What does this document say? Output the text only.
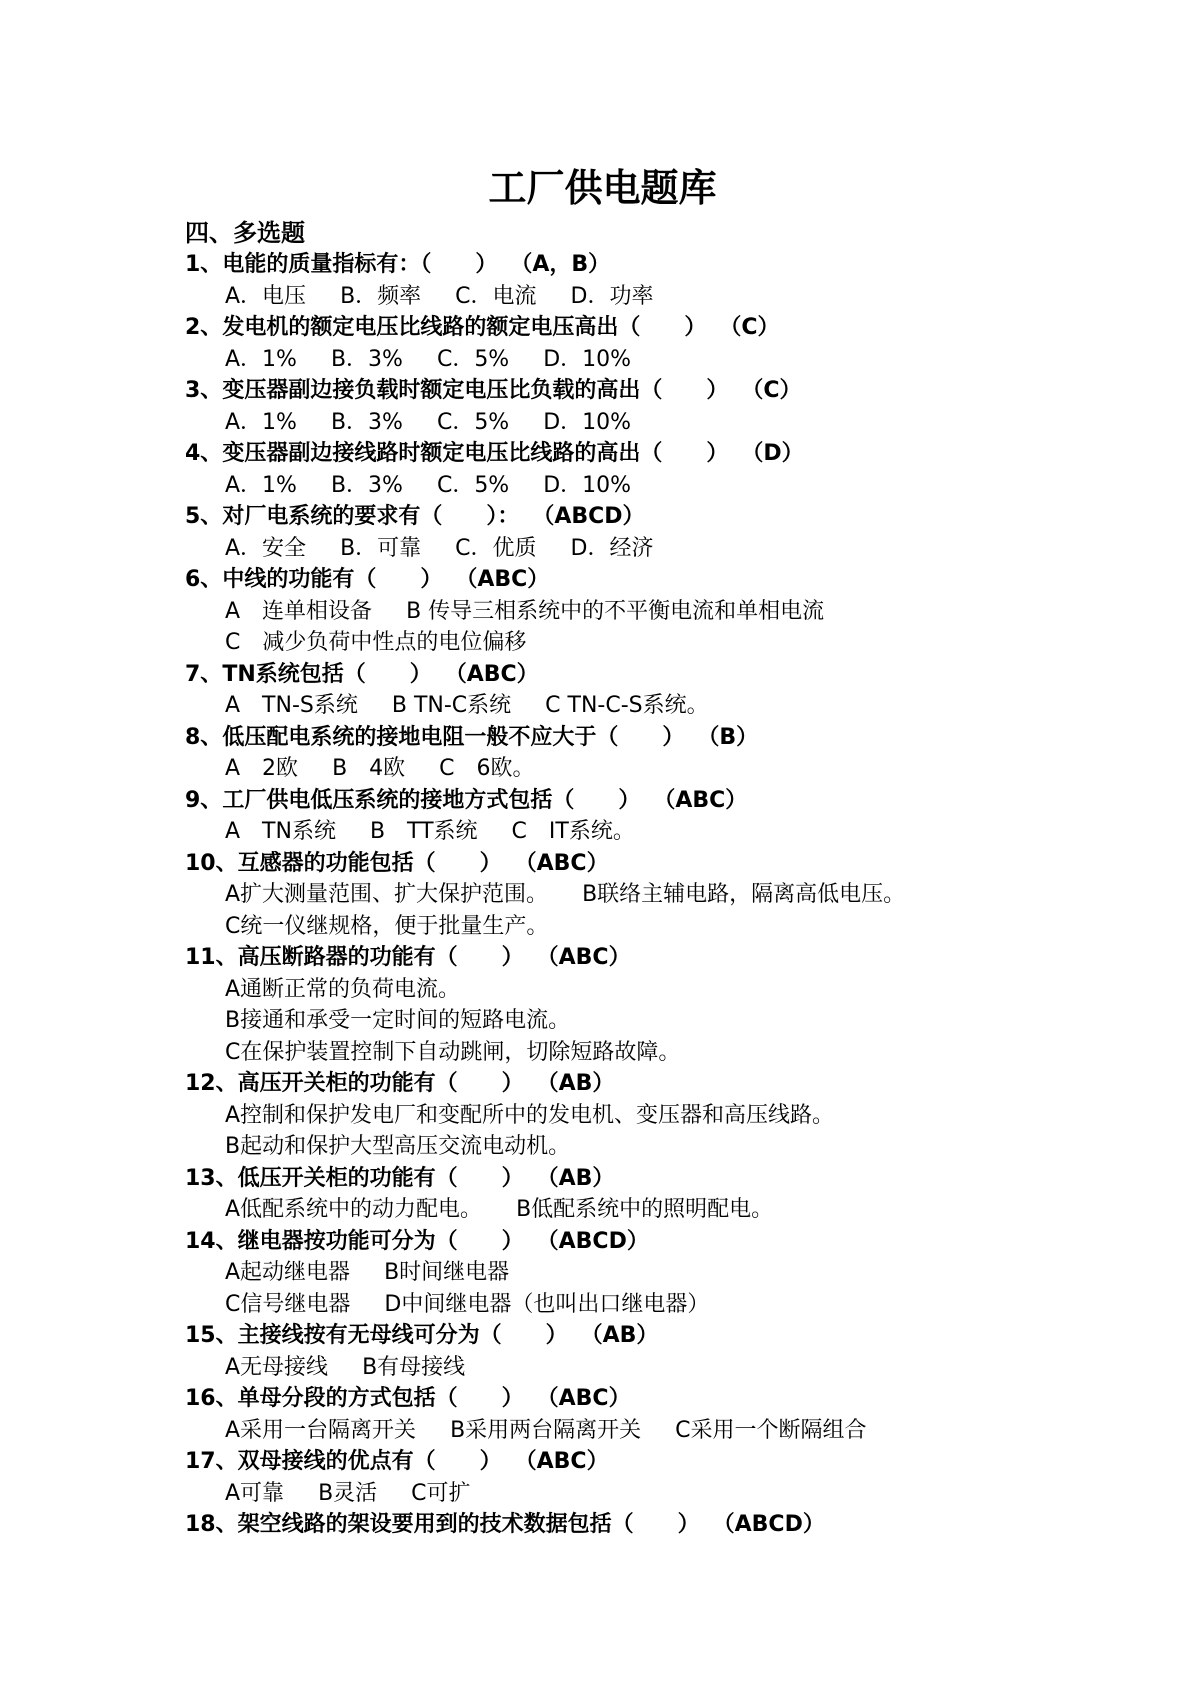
工厂供电题库
四、多选题
1、电能的质量指标有：（　　） （A，B）
A．电压 B．频率 C．电流 D．功率
2、发电机的额定电压比线路的额定电压高出（　　） （C）
A．1% B．3% C．5% D．10%
3、变压器副边接负载时额定电压比负载的高出（　　） （C）
A．1% B．3% C．5% D．10%
4、变压器副边接线路时额定电压比线路的高出（　　） （D）
A．1% B．3% C．5% D．10%
5、对厂电系统的要求有（　　）： （ABCD）
A．安全 B．可靠 C．优质 D．经济
6、中线的功能有（　　） （ABC）
A　连单相设备 B 传导三相系统中的不平衡电流和单相电流
C　减少负荷中性点的电位偏移
7、TN系统包括（　　） （ABC）
A　TN-S系统 B TN-C系统 C TN-C-S系统。
8、低压配电系统的接地电阻一般不应大于（　　） （B）
A　2欧 B　4欧 C　6欧。
9、工厂供电低压系统的接地方式包括（　　） （ABC）
A　TN系统 B　TT系统 C　IT系统。
10、互感器的功能包括（　　） （ABC）
A扩大测量范围、扩大保护范围。 B联络主辅电路，隔离高低电压。
C统一仪继规格，便于批量生产。
11、高压断路器的功能有（　　） （ABC）
A通断正常的负荷电流。
B接通和承受一定时间的短路电流。
C在保护装置控制下自动跳闸，切除短路故障。
12、高压开关柜的功能有（　　） （AB）
A控制和保护发电厂和变配所中的发电机、变压器和高压线路。
B起动和保护大型高压交流电动机。
13、低压开关柜的功能有（　　） （AB）
A低配系统中的动力配电。 B低配系统中的照明配电。
14、继电器按功能可分为（　　） （ABCD）
A起动继电器 B时间继电器
C信号继电器 D中间继电器（也叫出口继电器）
15、主接线按有无母线可分为（　　） （AB）
A无母接线 B有母接线
16、单母分段的方式包括（　　） （ABC）
A采用一台隔离开关 B采用两台隔离开关 C采用一个断隔组合
17、双母接线的优点有（　　） （ABC）
A可靠 B灵活 C可扩
18、架空线路的架设要用到的技术数据包括（　　） （ABCD）
